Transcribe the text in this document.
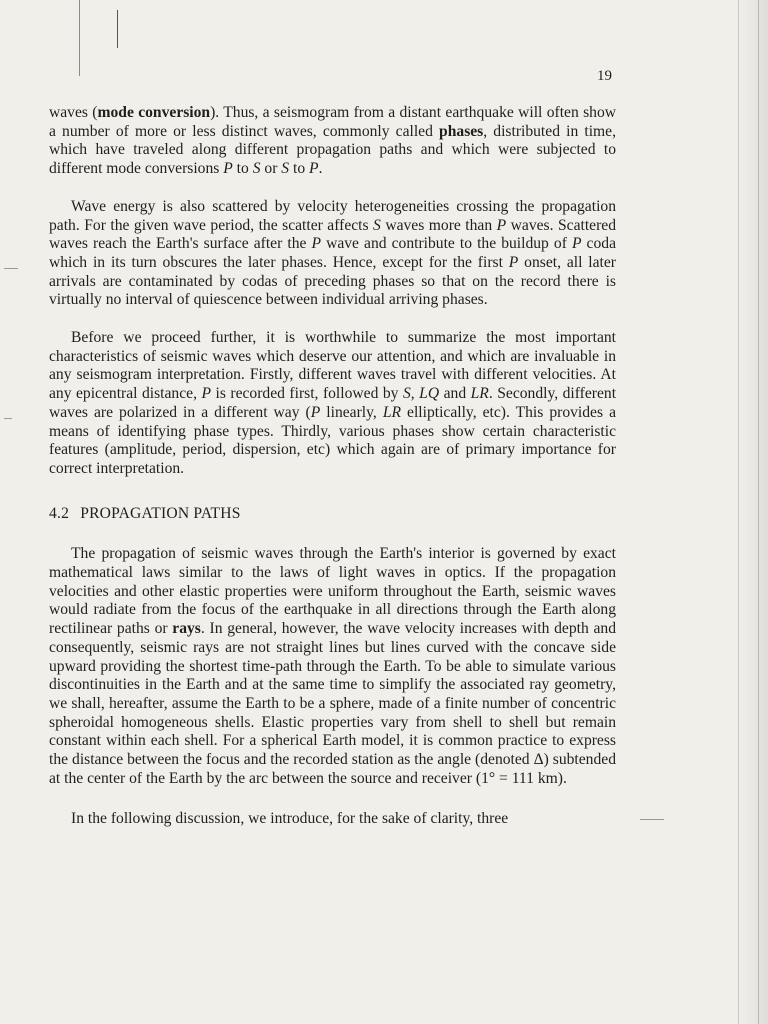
19

waves (mode conversion). Thus, a seismogram from a distant earthquake will often show a number of more or less distinct waves, commonly called phases, distributed in time, which have traveled along different propagation paths and which were subjected to different mode conversions P to S or S to P.

Wave energy is also scattered by velocity heterogeneities crossing the propagation path. For the given wave period, the scatter affects S waves more than P waves. Scattered waves reach the Earth's surface after the P wave and contribute to the buildup of P coda which in its turn obscures the later phases. Hence, except for the first P onset, all later arrivals are contaminated by codas of preceding phases so that on the record there is virtually no interval of quiescence between individual arriving phases.

Before we proceed further, it is worthwhile to summarize the most important characteristics of seismic waves which deserve our attention, and which are invaluable in any seismogram interpretation. Firstly, different waves travel with different velocities. At any epicentral distance, P is recorded first, followed by S, LQ and LR. Secondly, different waves are polarized in a different way (P linearly, LR elliptically, etc). This provides a means of identifying phase types. Thirdly, various phases show certain characteristic features (amplitude, period, dispersion, etc) which again are of primary importance for correct interpretation.

4.2 PROPAGATION PATHS

The propagation of seismic waves through the Earth's interior is governed by exact mathematical laws similar to the laws of light waves in optics. If the propagation velocities and other elastic properties were uniform throughout the Earth, seismic waves would radiate from the focus of the earthquake in all directions through the Earth along rectilinear paths or rays. In general, however, the wave velocity increases with depth and consequently, seismic rays are not straight lines but lines curved with the concave side upward providing the shortest time-path through the Earth. To be able to simulate various discontinuities in the Earth and at the same time to simplify the associated ray geometry, we shall, hereafter, assume the Earth to be a sphere, made of a finite number of concentric spheroidal homogeneous shells. Elastic properties vary from shell to shell but remain constant within each shell. For a spherical Earth model, it is common practice to express the distance between the focus and the recorded station as the angle (denoted Δ) subtended at the center of the Earth by the arc between the source and receiver (1° = 111 km).

In the following discussion, we introduce, for the sake of clarity, three
